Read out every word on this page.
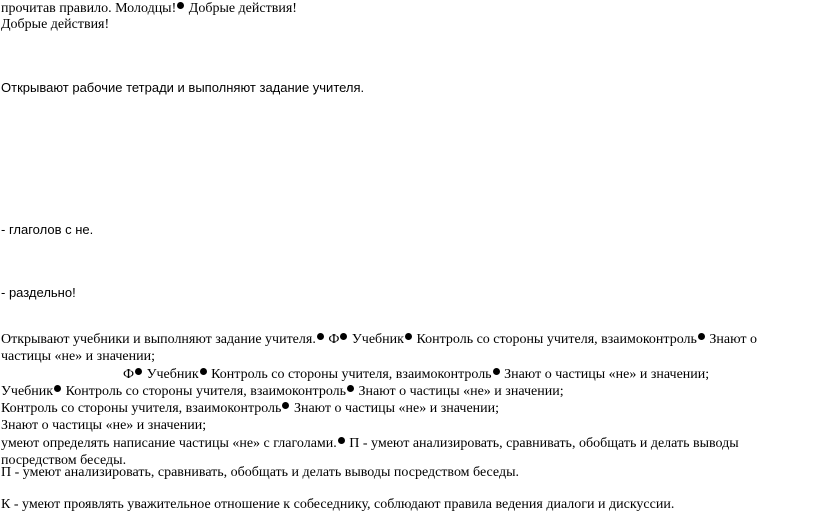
прочитав правило. Молодцы! Добрые действия!
Добрые действия!
Открывают рабочие тетради и выполняют задание учителя.
- глаголов с не.
- раздельно!
Открывают учебники и выполняют задание учителя. Ф Учебник Контроль со стороны учителя, взаимоконтроль Знают о частицы «не» и значении;
Ф Учебник Контроль со стороны учителя, взаимоконтроль Знают о частицы «не» и значении;
Учебник Контроль со стороны учителя, взаимоконтроль Знают о частицы «не» и значении;
Контроль со стороны учителя, взаимоконтроль Знают о частицы «не» и значении;
Знают о частицы «не» и значении;
умеют определять написание частицы «не» с глаголами. П - умеют анализировать, сравнивать, обобщать и делать выводы посредством беседы.
П - умеют анализировать, сравнивать, обобщать и делать выводы посредством беседы.
К - умеют проявлять уважительное отношение к собеседнику, соблюдают правила ведения диалоги и дискуссии.
